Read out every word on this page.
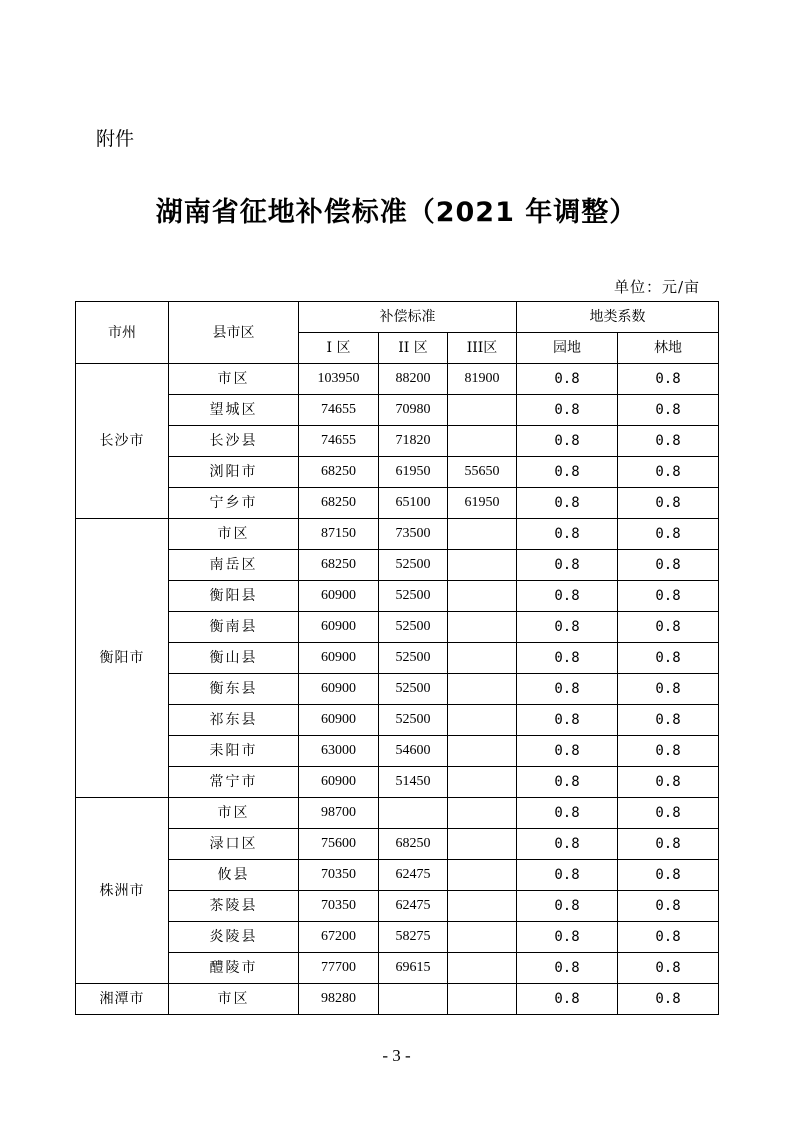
附件
湖南省征地补偿标准（2021 年调整）
单位：元/亩
市州	县市区	补偿标准			地类系数	
		I 区	II 区	III区	园地	林地
长沙市	市区	103950	88200	81900	0.8	0.8
	望城区	74655	70980		0.8	0.8
	长沙县	74655	71820		0.8	0.8
	浏阳市	68250	61950	55650	0.8	0.8
	宁乡市	68250	65100	61950	0.8	0.8
衡阳市	市区	87150	73500		0.8	0.8
	南岳区	68250	52500		0.8	0.8
	衡阳县	60900	52500		0.8	0.8
	衡南县	60900	52500		0.8	0.8
	衡山县	60900	52500		0.8	0.8
	衡东县	60900	52500		0.8	0.8
	祁东县	60900	52500		0.8	0.8
	耒阳市	63000	54600		0.8	0.8
	常宁市	60900	51450		0.8	0.8
株洲市	市区	98700			0.8	0.8
	渌口区	75600	68250		0.8	0.8
	攸县	70350	62475		0.8	0.8
	茶陵县	70350	62475		0.8	0.8
	炎陵县	67200	58275		0.8	0.8
	醴陵市	77700	69615		0.8	0.8
湘潭市	市区	98280			0.8	0.8
- 3 -
